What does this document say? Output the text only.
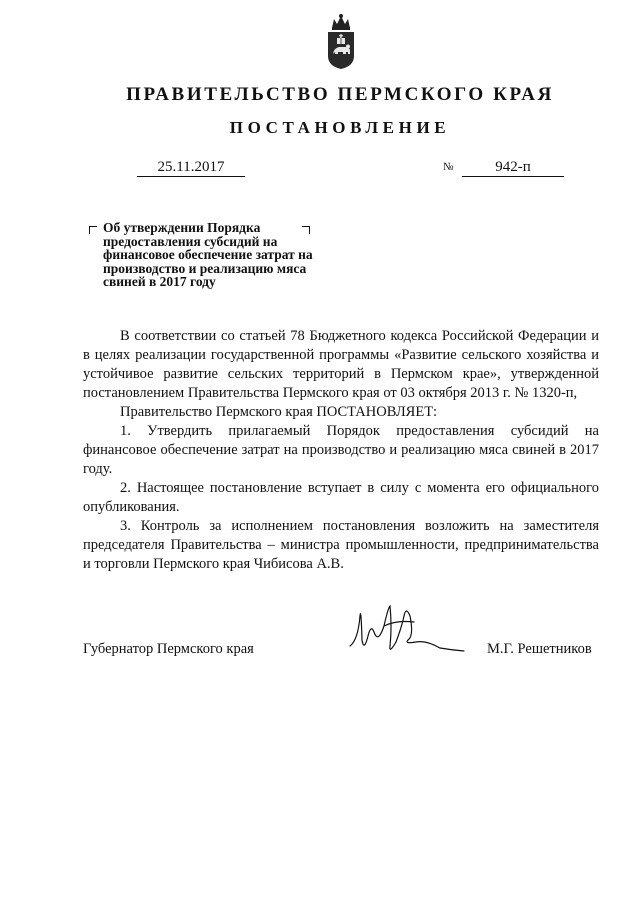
ПРАВИТЕЛЬСТВО ПЕРМСКОГО КРАЯ
ПОСТАНОВЛЕНИЕ
25.11.2017	№	942-п

Об утверждении Порядка предоставления субсидий на финансовое обеспечение затрат на производство и реализацию мяса свиней в 2017 году

В соответствии со статьей 78 Бюджетного кодекса Российской Федерации и в целях реализации государственной программы «Развитие сельского хозяйства и устойчивое развитие сельских территорий в Пермском крае», утвержденной постановлением Правительства Пермского края от 03 октября 2013 г. № 1320-п,

Правительство Пермского края ПОСТАНОВЛЯЕТ:

1. Утвердить прилагаемый Порядок предоставления субсидий на финансовое обеспечение затрат на производство и реализацию мяса свиней в 2017 году.

2. Настоящее постановление вступает в силу с момента его официального опубликования.

3. Контроль за исполнением постановления возложить на заместителя председателя Правительства – министра промышленности, предпринимательства и торговли Пермского края Чибисова А.В.

Губернатор Пермского края	М.Г. Решетников
